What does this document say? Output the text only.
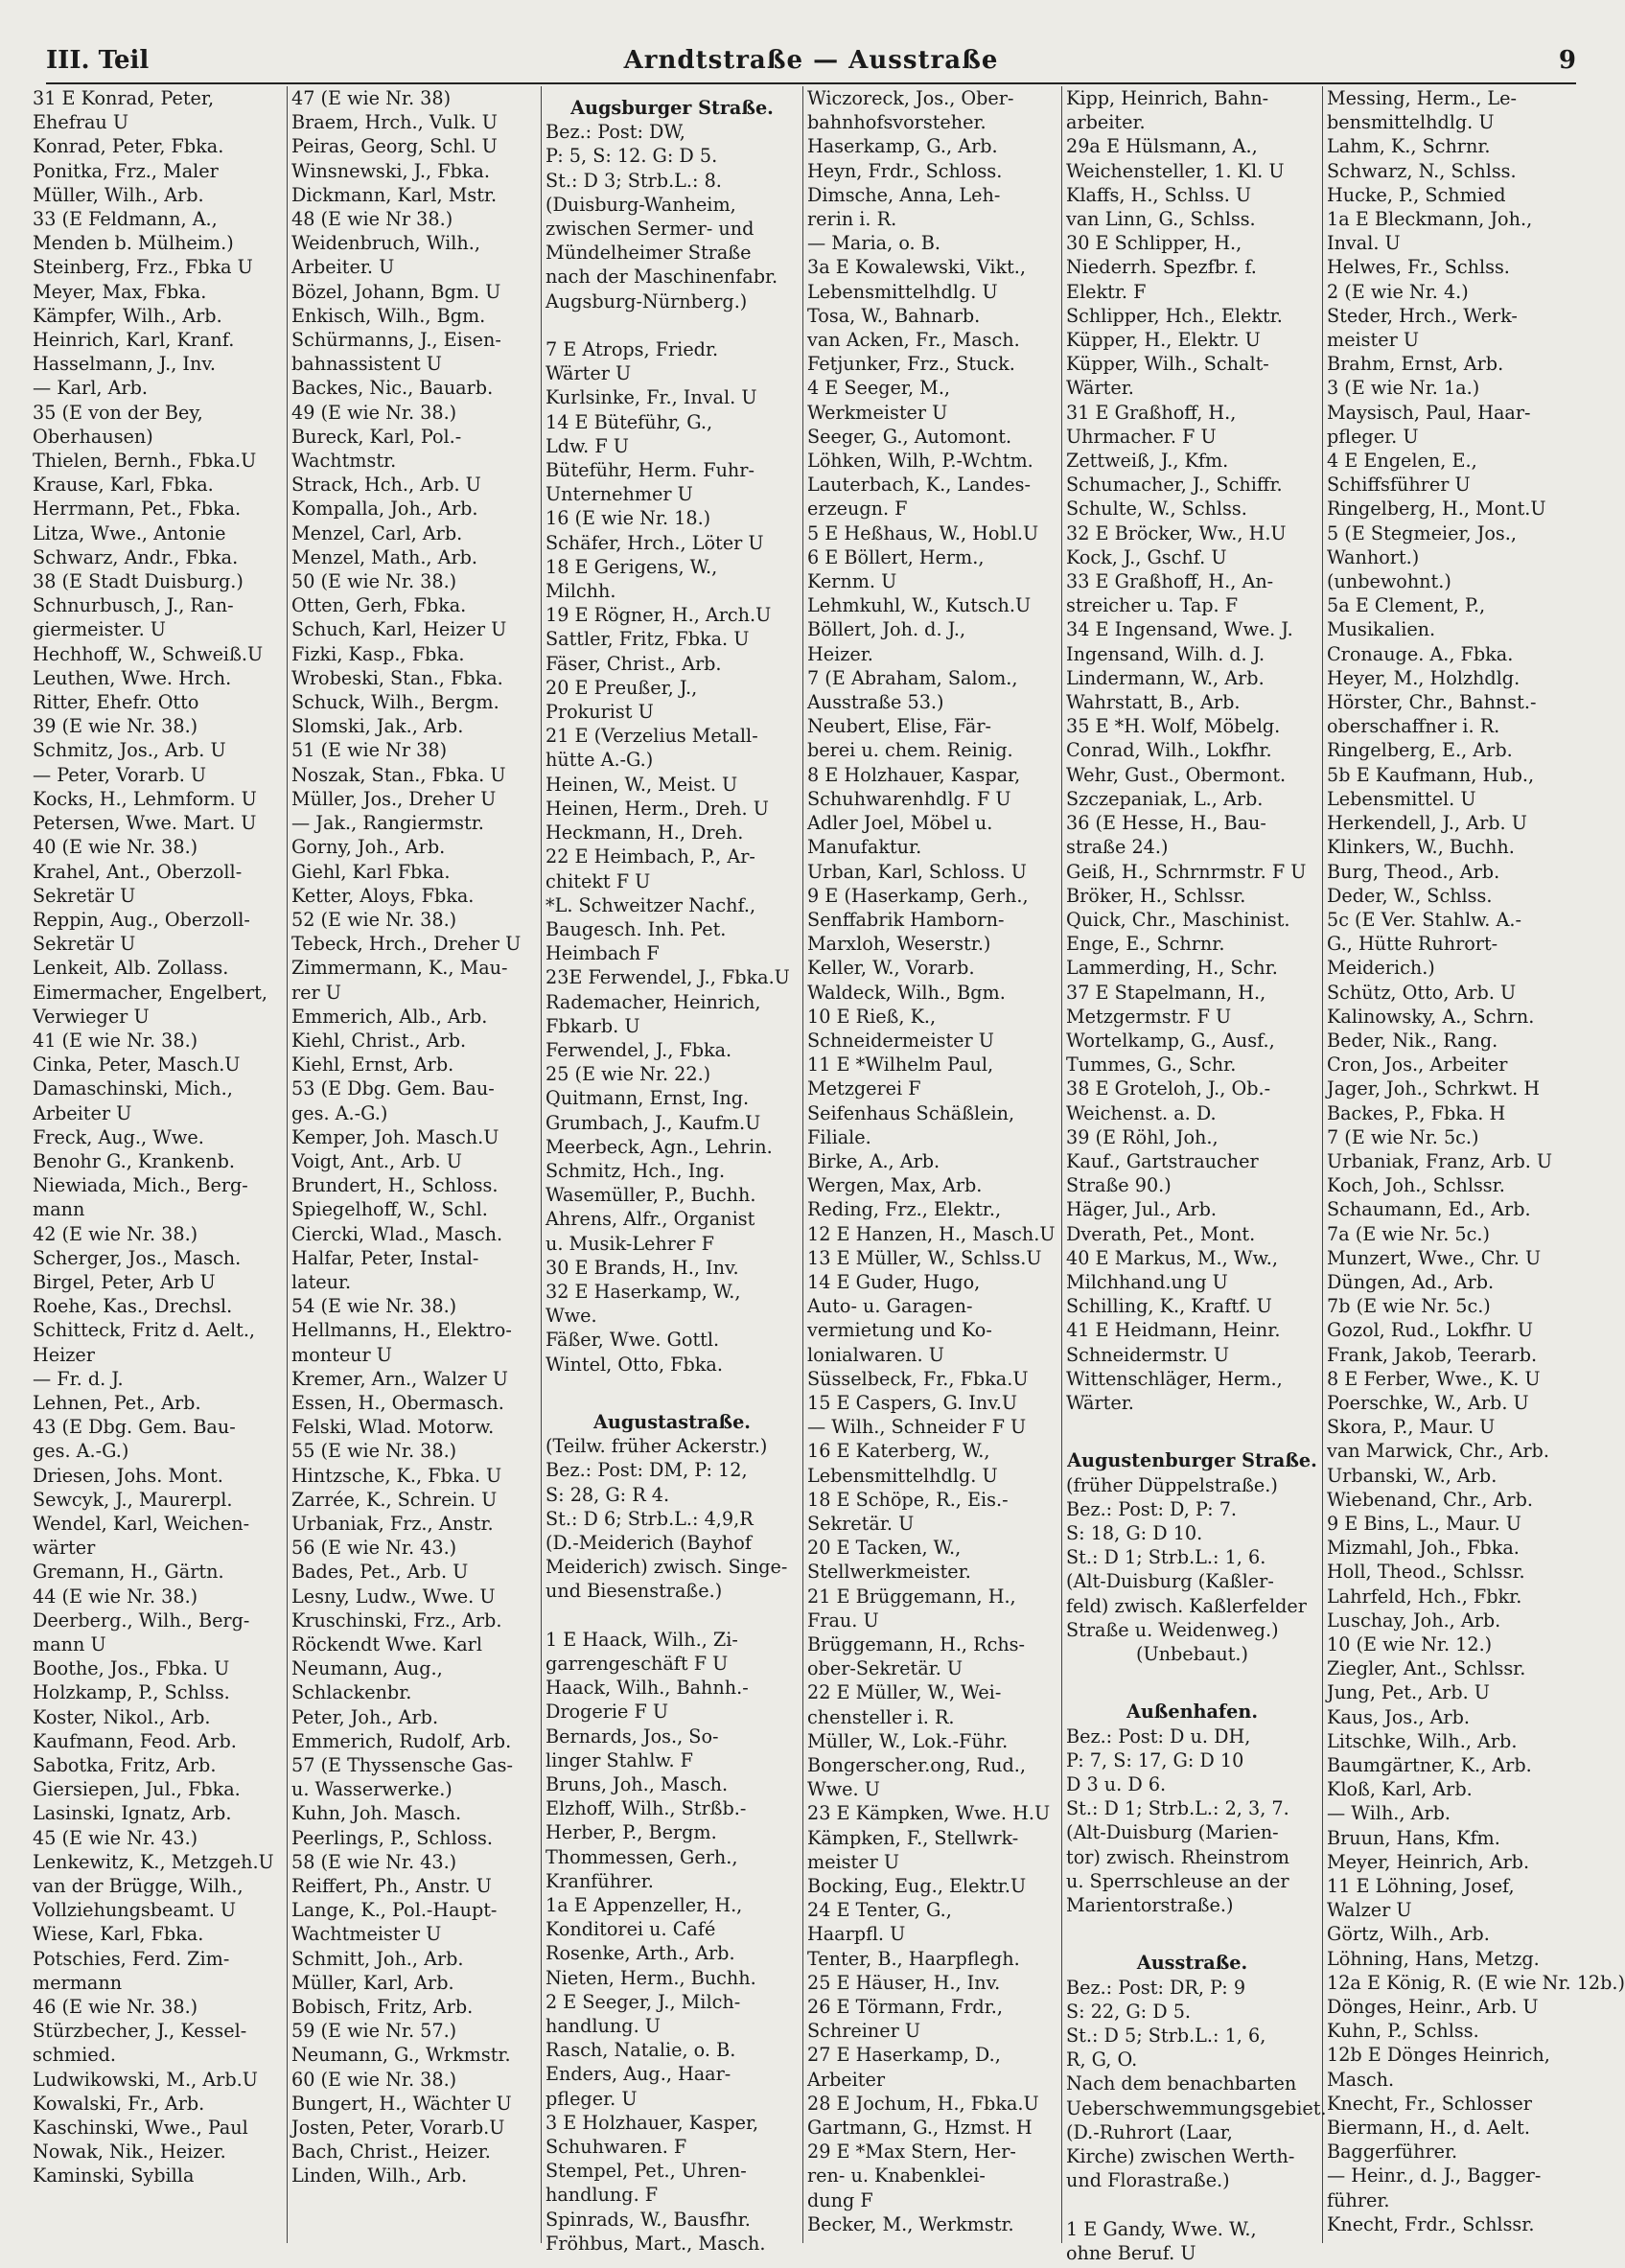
III. Teil	Arndtstraße — Ausstraße	9
31 E Konrad, Peter,
Ehefrau U
Konrad, Peter, Fbka.
Ponitka, Frz., Maler
Müller, Wilh., Arb.
33 (E Feldmann, A.,
Menden b. Mülheim.)
Steinberg, Frz., Fbka U
Meyer, Max, Fbka.
Kämpfer, Wilh., Arb.
Heinrich, Karl, Kranf.
Hasselmann, J., Inv.
— Karl, Arb.
35 (E von der Bey,
Oberhausen)
Thielen, Bernh., Fbka.U
Krause, Karl, Fbka.
Herrmann, Pet., Fbka.
Litza, Wwe., Antonie
Schwarz, Andr., Fbka.
38 (E Stadt Duisburg.)
Schnurbusch, J., Ran-
giermeister. U
Hechhoff, W., Schweiß.U
Leuthen, Wwe. Hrch.
Ritter, Ehefr. Otto
39 (E wie Nr. 38.)
Schmitz, Jos., Arb. U
— Peter, Vorarb. U
Kocks, H., Lehmform. U
Petersen, Wwe. Mart. U
40 (E wie Nr. 38.)
Krahel, Ant., Oberzoll-
Sekretär U
Reppin, Aug., Oberzoll-
Sekretär U
Lenkeit, Alb. Zollass.
Eimermacher, Engelbert,
Verwieger U
41 (E wie Nr. 38.)
Cinka, Peter, Masch.U
Damaschinski, Mich.,
Arbeiter U
Freck, Aug., Wwe.
Benohr G., Krankenb.
Niewiada, Mich., Berg-
mann
42 (E wie Nr. 38.)
Scherger, Jos., Masch.
Birgel, Peter, Arb U
Roehe, Kas., Drechsl.
Schitteck, Fritz d. Aelt.,
Heizer
— Fr. d. J.
Lehnen, Pet., Arb.
43 (E Dbg. Gem. Bau-
ges. A.-G.)
Driesen, Johs. Mont.
Sewcyk, J., Maurerpl.
Wendel, Karl, Weichen-
wärter
Gremann, H., Gärtn.
44 (E wie Nr. 38.)
Deerberg., Wilh., Berg-
mann U
Boothe, Jos., Fbka. U
Holzkamp, P., Schlss.
Koster, Nikol., Arb.
Kaufmann, Feod. Arb.
Sabotka, Fritz, Arb.
Giersiepen, Jul., Fbka.
Lasinski, Ignatz, Arb.
45 (E wie Nr. 43.)
Lenkewitz, K., Metzgeh.U
van der Brügge, Wilh.,
Vollziehungsbeamt. U
Wiese, Karl, Fbka.
Potschies, Ferd. Zim-
mermann
46 (E wie Nr. 38.)
Stürzbecher, J., Kessel-
schmied.
Ludwikowski, M., Arb.U
Kowalski, Fr., Arb.
Kaschinski, Wwe., Paul
Nowak, Nik., Heizer.
Kaminski, Sybilla
47 (E wie Nr. 38)
Braem, Hrch., Vulk. U
Peiras, Georg, Schl. U
Winsnewski, J., Fbka.
Dickmann, Karl, Mstr.
48 (E wie Nr 38.)
Weidenbruch, Wilh.,
Arbeiter. U
Bözel, Johann, Bgm. U
Enkisch, Wilh., Bgm.
Schürmanns, J., Eisen-
bahnassistent U
Backes, Nic., Bauarb.
49 (E wie Nr. 38.)
Bureck, Karl, Pol.-
Wachtmstr.
Strack, Hch., Arb. U
Kompalla, Joh., Arb.
Menzel, Carl, Arb.
Menzel, Math., Arb.
50 (E wie Nr. 38.)
Otten, Gerh, Fbka.
Schuch, Karl, Heizer U
Fizki, Kasp., Fbka.
Wrobeski, Stan., Fbka.
Schuck, Wilh., Bergm.
Slomski, Jak., Arb.
51 (E wie Nr 38)
Noszak, Stan., Fbka. U
Müller, Jos., Dreher U
— Jak., Rangiermstr.
Gorny, Joh., Arb.
Giehl, Karl Fbka.
Ketter, Aloys, Fbka.
52 (E wie Nr. 38.)
Tebeck, Hrch., Dreher U
Zimmermann, K., Mau-
rer U
Emmerich, Alb., Arb.
Kiehl, Christ., Arb.
Kiehl, Ernst, Arb.
53 (E Dbg. Gem. Bau-
ges. A.-G.)
Kemper, Joh. Masch.U
Voigt, Ant., Arb. U
Brundert, H., Schloss.
Spiegelhoff, W., Schl.
Ciercki, Wlad., Masch.
Halfar, Peter, Instal-
lateur.
54 (E wie Nr. 38.)
Hellmanns, H., Elektro-
monteur U
Kremer, Arn., Walzer U
Essen, H., Obermasch.
Felski, Wlad. Motorw.
55 (E wie Nr. 38.)
Hintzsche, K., Fbka. U
Zarrée, K., Schrein. U
Urbaniak, Frz., Anstr.
56 (E wie Nr. 43.)
Bades, Pet., Arb. U
Lesny, Ludw., Wwe. U
Kruschinski, Frz., Arb.
Röckendt Wwe. Karl
Neumann, Aug.,
Schlackenbr.
Peter, Joh., Arb.
Emmerich, Rudolf, Arb.
57 (E Thyssensche Gas-
u. Wasserwerke.)
Kuhn, Joh. Masch.
Peerlings, P., Schloss.
58 (E wie Nr. 43.)
Reiffert, Ph., Anstr. U
Lange, K., Pol.-Haupt-
Wachtmeister U
Schmitt, Joh., Arb.
Müller, Karl, Arb.
Bobisch, Fritz, Arb.
59 (E wie Nr. 57.)
Neumann, G., Wrkmstr.
60 (E wie Nr. 38.)
Bungert, H., Wächter U
Josten, Peter, Vorarb.U
Bach, Christ., Heizer.
Linden, Wilh., Arb.
Augsburger Straße.
Bez.: Post: DW,
P: 5, S: 12. G: D 5.
St.: D 3; Strb.L.: 8.
(Duisburg-Wanheim,
zwischen Sermer- und
Mündelheimer Straße
nach der Maschinenfabr.
Augsburg-Nürnberg.)

7 E Atrops, Friedr.
Wärter U
Kurlsinke, Fr., Inval. U
14 E Büteführ, G.,
Ldw. F U
Büteführ, Herm. Fuhr-
Unternehmer U
16 (E wie Nr. 18.)
Schäfer, Hrch., Löter U
18 E Gerigens, W.,
Milchh.
19 E Rögner, H., Arch.U
Sattler, Fritz, Fbka. U
Fäser, Christ., Arb.
20 E Preußer, J.,
Prokurist U
21 E (Verzelius Metall-
hütte A.-G.)
Heinen, W., Meist. U
Heinen, Herm., Dreh. U
Heckmann, H., Dreh.
22 E Heimbach, P., Ar-
chitekt F U
*L. Schweitzer Nachf.,
Baugesch. Inh. Pet.
Heimbach F
23E Ferwendel, J., Fbka.U
Rademacher, Heinrich,
Fbkarb. U
Ferwendel, J., Fbka.
25 (E wie Nr. 22.)
Quitmann, Ernst, Ing.
Grumbach, J., Kaufm.U
Meerbeck, Agn., Lehrin.
Schmitz, Hch., Ing.
Wasemüller, P., Buchh.
Ahrens, Alfr., Organist
u. Musik-Lehrer F
30 E Brands, H., Inv.
32 E Haserkamp, W.,
Wwe.
Fäßer, Wwe. Gottl.
Wintel, Otto, Fbka.

Augustastraße.
(Teilw. früher Ackerstr.)
Bez.: Post: DM, P: 12,
S: 28, G: R 4.
St.: D 6; Strb.L.: 4,9,R
(D.-Meiderich (Bayhof
Meiderich) zwisch. Singe-
und Biesenstraße.)

1 E Haack, Wilh., Zi-
garrengeschäft F U
Haack, Wilh., Bahnh.-
Drogerie F U
Bernards, Jos., So-
linger Stahlw. F
Bruns, Joh., Masch.
Elzhoff, Wilh., Strßb.-
Herber, P., Bergm.
Thommessen, Gerh.,
Kranführer.
1a E Appenzeller, H.,
Konditorei u. Café
Rosenke, Arth., Arb.
Nieten, Herm., Buchh.
2 E Seeger, J., Milch-
handlung. U
Rasch, Natalie, o. B.
Enders, Aug., Haar-
pfleger. U
3 E Holzhauer, Kasper,
Schuhwaren. F
Stempel, Pet., Uhren-
handlung. F
Spinrads, W., Bausfhr.
Fröhbus, Mart., Masch.
Wiczoreck, Jos., Ober-
bahnhofsvorsteher.
Haserkamp, G., Arb.
Heyn, Frdr., Schloss.
Dimsche, Anna, Leh-
rerin i. R.
— Maria, o. B.
3a E Kowalewski, Vikt.,
Lebensmittelhdlg. U
Tosa, W., Bahnarb.
van Acken, Fr., Masch.
Fetjunker, Frz., Stuck.
4 E Seeger, M.,
Werkmeister U
Seeger, G., Automont.
Löhken, Wilh, P.-Wchtm.
Lauterbach, K., Landes-
erzeugn. F
5 E Heßhaus, W., Hobl.U
6 E Böllert, Herm.,
Kernm. U
Lehmkuhl, W., Kutsch.U
Böllert, Joh. d. J.,
Heizer.
7 (E Abraham, Salom.,
Ausstraße 53.)
Neubert, Elise, Fär-
berei u. chem. Reinig.
8 E Holzhauer, Kaspar,
Schuhwarenhdlg. F U
Adler Joel, Möbel u.
Manufaktur.
Urban, Karl, Schloss. U
9 E (Haserkamp, Gerh.,
Senffabrik Hamborn-
Marxloh, Weserstr.)
Keller, W., Vorarb.
Waldeck, Wilh., Bgm.
10 E Rieß, K.,
Schneidermeister U
11 E *Wilhelm Paul,
Metzgerei F
Seifenhaus Schäßlein,
Filiale.
Birke, A., Arb.
Wergen, Max, Arb.
Reding, Frz., Elektr.,
12 E Hanzen, H., Masch.U
13 E Müller, W., Schlss.U
14 E Guder, Hugo,
Auto- u. Garagen-
vermietung und Ko-
lonialwaren. U
Süsselbeck, Fr., Fbka.U
15 E Caspers, G. Inv.U
— Wilh., Schneider F U
16 E Katerberg, W.,
Lebensmittelhdlg. U
18 E Schöpe, R., Eis.-
Sekretär. U
20 E Tacken, W.,
Stellwerkmeister.
21 E Brüggemann, H.,
Frau. U
Brüggemann, H., Rchs-
ober-Sekretär. U
22 E Müller, W., Wei-
chensteller i. R.
Müller, W., Lok.-Führ.
Bongerscher.ong, Rud.,
Wwe. U
23 E Kämpken, Wwe. H.U
Kämpken, F., Stellwrk-
meister U
Bocking, Eug., Elektr.U
24 E Tenter, G.,
Haarpfl. U
Tenter, B., Haarpflegh.
25 E Häuser, H., Inv.
26 E Törmann, Frdr.,
Schreiner U
27 E Haserkamp, D.,
Arbeiter
28 E Jochum, H., Fbka.U
Gartmann, G., Hzmst. H
29 E *Max Stern, Her-
ren- u. Knabenklei-
dung F
Becker, M., Werkmstr.
Kipp, Heinrich, Bahn-
arbeiter.
29a E Hülsmann, A.,
Weichensteller, 1. Kl. U
Klaffs, H., Schlss. U
van Linn, G., Schlss.
30 E Schlipper, H.,
Niederrh. Spezfbr. f.
Elektr. F
Schlipper, Hch., Elektr.
Küpper, H., Elektr. U
Küpper, Wilh., Schalt-
Wärter.
31 E Graßhoff, H.,
Uhrmacher. F U
Zettweiß, J., Kfm.
Schumacher, J., Schiffr.
Schulte, W., Schlss.
32 E Bröcker, Ww., H.U
Kock, J., Gschf. U
33 E Graßhoff, H., An-
streicher u. Tap. F
34 E Ingensand, Wwe. J.
Ingensand, Wilh. d. J.
Lindermann, W., Arb.
Wahrstatt, B., Arb.
35 E *H. Wolf, Möbelg.
Conrad, Wilh., Lokfhr.
Wehr, Gust., Obermont.
Szczepaniak, L., Arb.
36 (E Hesse, H., Bau-
straße 24.)
Geiß, H., Schrnrmstr. F U
Bröker, H., Schlssr.
Quick, Chr., Maschinist.
Enge, E., Schrnr.
Lammerding, H., Schr.
37 E Stapelmann, H.,
Metzgermstr. F U
Wortelkamp, G., Ausf.,
Tummes, G., Schr.
38 E Groteloh, J., Ob.-
Weichenst. a. D.
39 (E Röhl, Joh.,
Kauf., Gartstraucher
Straße 90.)
Häger, Jul., Arb.
Dverath, Pet., Mont.
40 E Markus, M., Ww.,
Milchhand.ung U
Schilling, K., Kraftf. U
41 E Heidmann, Heinr.
Schneidermstr. U
Wittenschläger, Herm.,
Wärter.

Augustenburger Straße.
(früher Düppelstraße.)
Bez.: Post: D, P: 7.
S: 18, G: D 10.
St.: D 1; Strb.L.: 1, 6.
(Alt-Duisburg (Kaßler-
feld) zwisch. Kaßlerfelder
Straße u. Weidenweg.)
(Unbebaut.)

Außenhafen.
Bez.: Post: D u. DH,
P: 7, S: 17, G: D 10
D 3 u. D 6.
St.: D 1; Strb.L.: 2, 3, 7.
(Alt-Duisburg (Marien-
tor) zwisch. Rheinstrom
u. Sperrschleuse an der
Marientorstraße.)

Ausstraße.
Bez.: Post: DR, P: 9
S: 22, G: D 5.
St.: D 5; Strb.L.: 1, 6,
R, G, O.
Nach dem benachbarten
Ueberschwemmungsgebiet.
(D.-Ruhrort (Laar,
Kirche) zwischen Werth-
und Florastraße.)

1 E Gandy, Wwe. W.,
ohne Beruf. U
Messing, Herm., Le-
bensmittelhdlg. U
Lahm, K., Schrnr.
Schwarz, N., Schlss.
Hucke, P., Schmied
1a E Bleckmann, Joh.,
Inval. U
Helwes, Fr., Schlss.
2 (E wie Nr. 4.)
Steder, Hrch., Werk-
meister U
Brahm, Ernst, Arb.
3 (E wie Nr. 1a.)
Maysisch, Paul, Haar-
pfleger. U
4 E Engelen, E.,
Schiffsführer U
Ringelberg, H., Mont.U
5 (E Stegmeier, Jos.,
Wanhort.)
(unbewohnt.)
5a E Clement, P.,
Musikalien.
Cronauge. A., Fbka.
Heyer, M., Holzhdlg.
Hörster, Chr., Bahnst.-
oberschaffner i. R.
Ringelberg, E., Arb.
5b E Kaufmann, Hub.,
Lebensmittel. U
Herkendell, J., Arb. U
Klinkers, W., Buchh.
Burg, Theod., Arb.
Deder, W., Schlss.
5c (E Ver. Stahlw. A.-
G., Hütte Ruhrort-
Meiderich.)
Schütz, Otto, Arb. U
Kalinowsky, A., Schrn.
Beder, Nik., Rang.
Cron, Jos., Arbeiter
Jager, Joh., Schrkwt. H
Backes, P., Fbka. H
7 (E wie Nr. 5c.)
Urbaniak, Franz, Arb. U
Koch, Joh., Schlssr.
Schaumann, Ed., Arb.
7a (E wie Nr. 5c.)
Munzert, Wwe., Chr. U
Düngen, Ad., Arb.
7b (E wie Nr. 5c.)
Gozol, Rud., Lokfhr. U
Frank, Jakob, Teerarb.
8 E Ferber, Wwe., K. U
Poerschke, W., Arb. U
Skora, P., Maur. U
van Marwick, Chr., Arb.
Urbanski, W., Arb.
Wiebenand, Chr., Arb.
9 E Bins, L., Maur. U
Mizmahl, Joh., Fbka.
Holl, Theod., Schlssr.
Lahrfeld, Hch., Fbkr.
Luschay, Joh., Arb.
10 (E wie Nr. 12.)
Ziegler, Ant., Schlssr.
Jung, Pet., Arb. U
Kaus, Jos., Arb.
Litschke, Wilh., Arb.
Baumgärtner, K., Arb.
Kloß, Karl, Arb.
— Wilh., Arb.
Bruun, Hans, Kfm.
Meyer, Heinrich, Arb.
11 E Löhning, Josef,
Walzer U
Görtz, Wilh., Arb.
Löhning, Hans, Metzg.
12a E König, R. (E wie Nr. 12b.)
Dönges, Heinr., Arb. U
Kuhn, P., Schlss.
12b E Dönges Heinrich,
Masch.
Knecht, Fr., Schlosser
Biermann, H., d. Aelt.
Baggerführer.
— Heinr., d. J., Bagger-
führer.
Knecht, Frdr., Schlssr.
